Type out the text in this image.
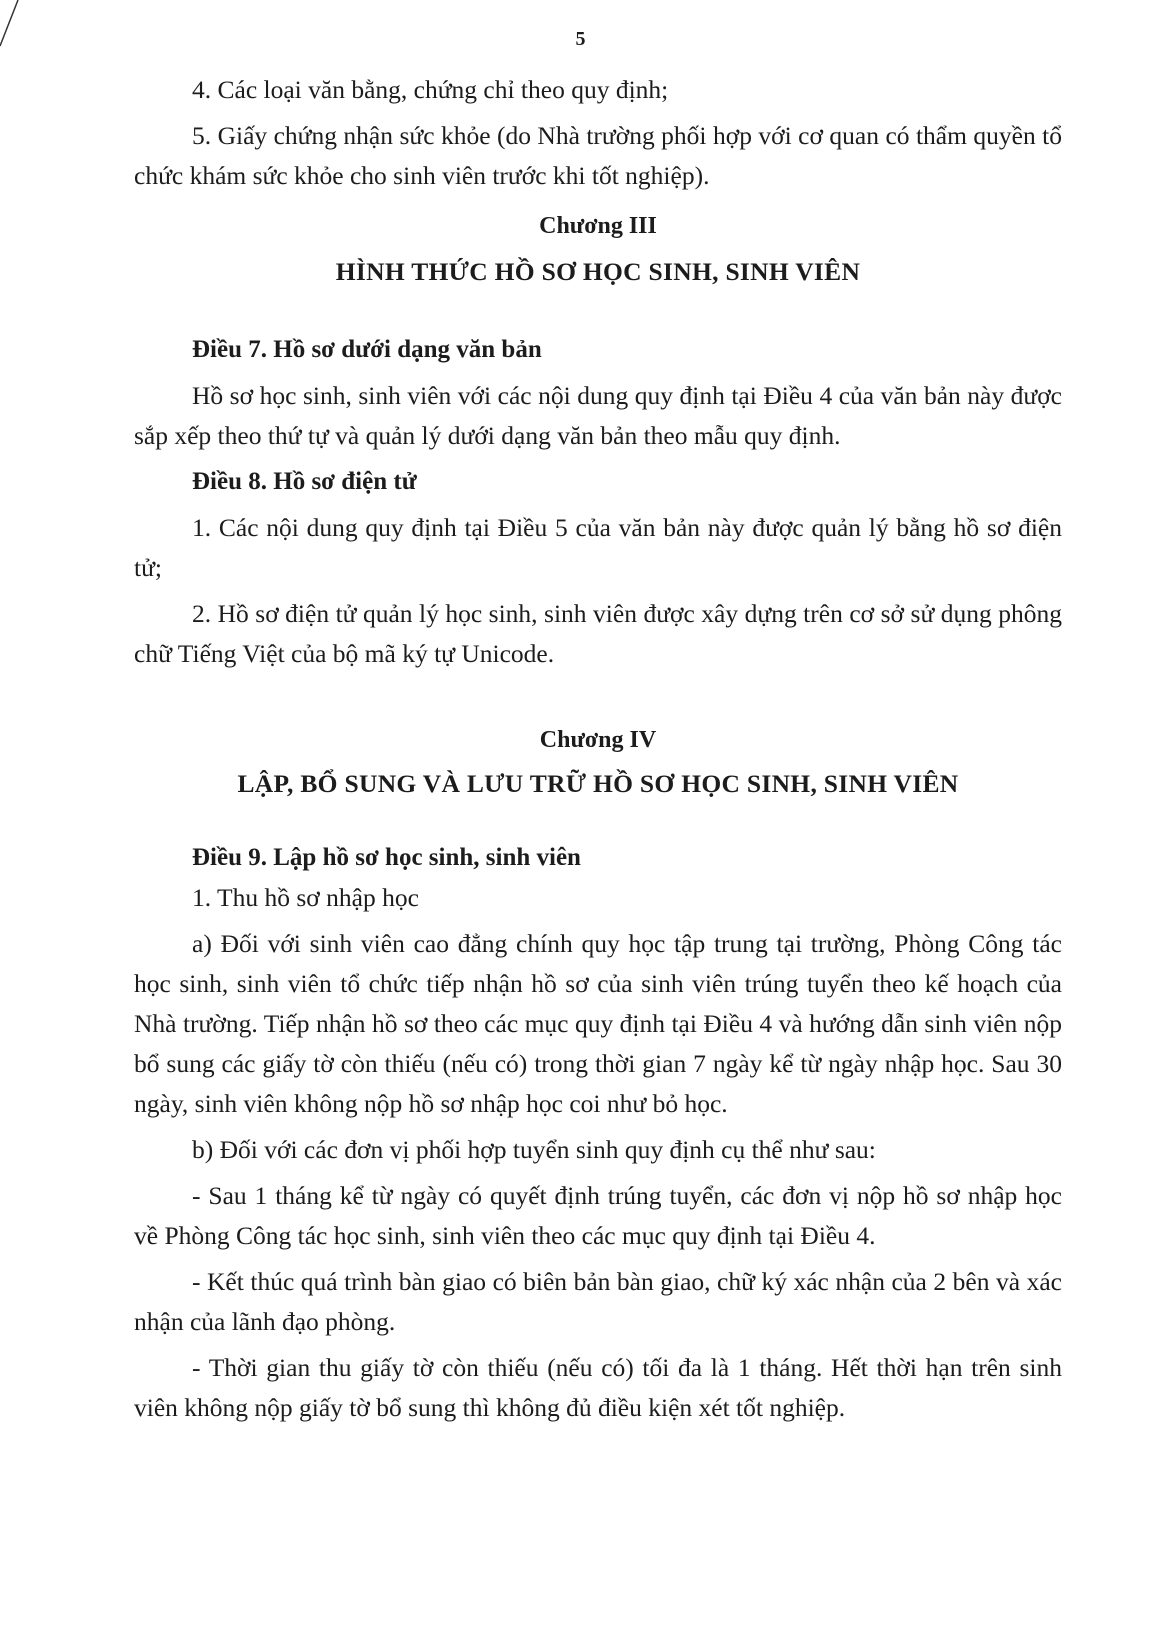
5

4. Các loại văn bằng, chứng chỉ theo quy định;

5. Giấy chứng nhận sức khỏe (do Nhà trường phối hợp với cơ quan có thẩm quyền tổ chức khám sức khỏe cho sinh viên trước khi tốt nghiệp).

Chương III
HÌNH THỨC HỒ SƠ HỌC SINH, SINH VIÊN

Điều 7. Hồ sơ dưới dạng văn bản

Hồ sơ học sinh, sinh viên với các nội dung quy định tại Điều 4 của văn bản này được sắp xếp theo thứ tự và quản lý dưới dạng văn bản theo mẫu quy định.

Điều 8. Hồ sơ điện tử

1. Các nội dung quy định tại Điều 5 của văn bản này được quản lý bằng hồ sơ điện tử;

2. Hồ sơ điện tử quản lý học sinh, sinh viên được xây dựng trên cơ sở sử dụng phông chữ Tiếng Việt của bộ mã ký tự Unicode.

Chương IV
LẬP, BỔ SUNG VÀ LƯU TRỮ HỒ SƠ HỌC SINH, SINH VIÊN

Điều 9. Lập hồ sơ học sinh, sinh viên

1. Thu hồ sơ nhập học

a) Đối với sinh viên cao đẳng chính quy học tập trung tại trường, Phòng Công tác học sinh, sinh viên tổ chức tiếp nhận hồ sơ của sinh viên trúng tuyển theo kế hoạch của Nhà trường. Tiếp nhận hồ sơ theo các mục quy định tại Điều 4 và hướng dẫn sinh viên nộp bổ sung các giấy tờ còn thiếu (nếu có) trong thời gian 7 ngày kể từ ngày nhập học. Sau 30 ngày, sinh viên không nộp hồ sơ nhập học coi như bỏ học.

b) Đối với các đơn vị phối hợp tuyển sinh quy định cụ thể như sau:

- Sau 1 tháng kể từ ngày có quyết định trúng tuyển, các đơn vị nộp hồ sơ nhập học về Phòng Công tác học sinh, sinh viên theo các mục quy định tại Điều 4.

- Kết thúc quá trình bàn giao có biên bản bàn giao, chữ ký xác nhận của 2 bên và xác nhận của lãnh đạo phòng.

- Thời gian thu giấy tờ còn thiếu (nếu có) tối đa là 1 tháng. Hết thời hạn trên sinh viên không nộp giấy tờ bổ sung thì không đủ điều kiện xét tốt nghiệp.
